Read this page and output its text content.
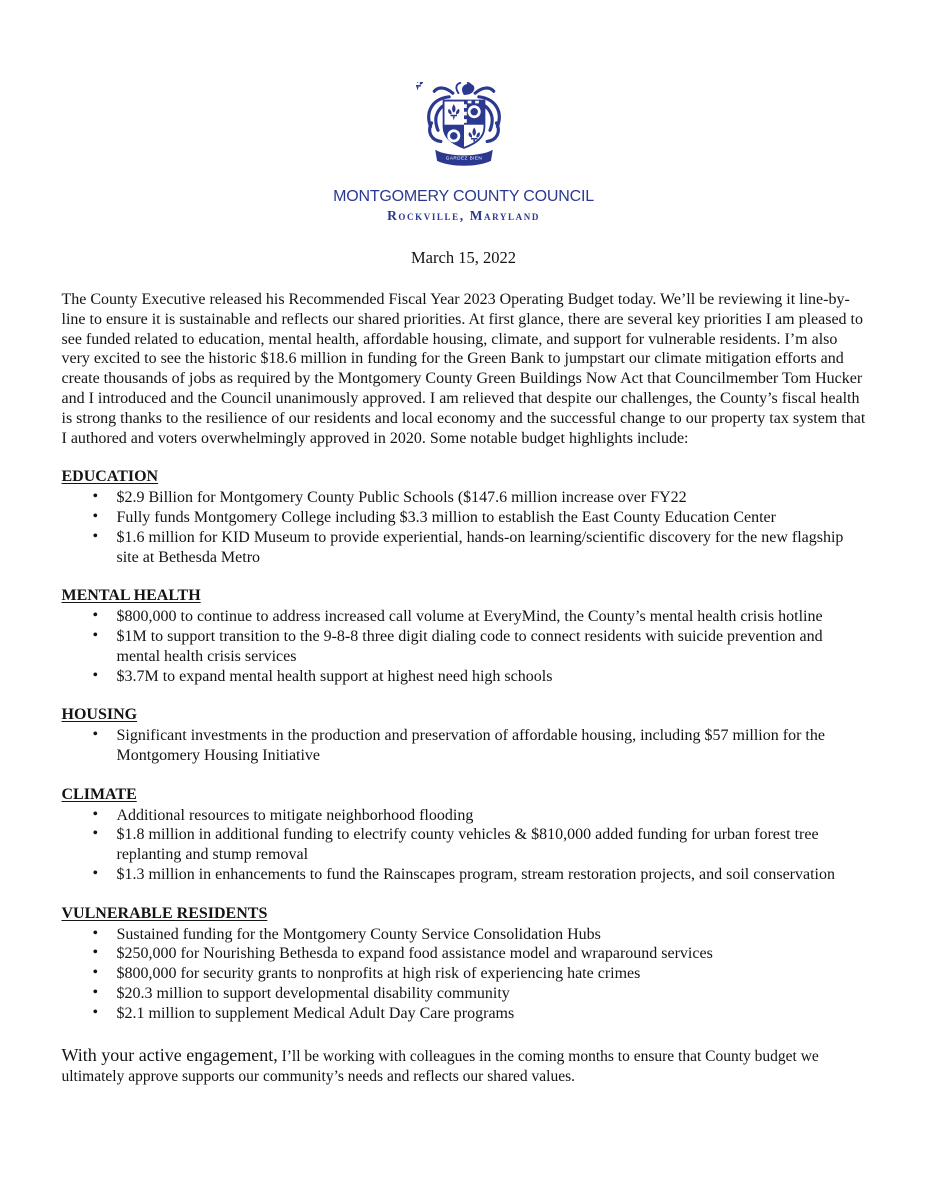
GARDEZ BIEN
MONTGOMERY COUNTY COUNCIL
Rockville, Maryland
March 15, 2022

The County Executive released his Recommended Fiscal Year 2023 Operating Budget today. We’ll be reviewing it line-by-line to ensure it is sustainable and reflects our shared priorities. At first glance, there are several key priorities I am pleased to see funded related to education, mental health, affordable housing, climate, and support for vulnerable residents. I’m also very excited to see the historic $18.6 million in funding for the Green Bank to jumpstart our climate mitigation efforts and create thousands of jobs as required by the Montgomery County Green Buildings Now Act that Councilmember Tom Hucker and I introduced and the Council unanimously approved. I am relieved that despite our challenges, the County’s fiscal health is strong thanks to the resilience of our residents and local economy and the successful change to our property tax system that I authored and voters overwhelmingly approved in 2020. Some notable budget highlights include:

EDUCATION
• $2.9 Billion for Montgomery County Public Schools ($147.6 million increase over FY22
• Fully funds Montgomery College including $3.3 million to establish the East County Education Center
• $1.6 million for KID Museum to provide experiential, hands-on learning/scientific discovery for the new flagship site at Bethesda Metro
MENTAL HEALTH
• $800,000 to continue to address increased call volume at EveryMind, the County’s mental health crisis hotline
• $1M to support transition to the 9-8-8 three digit dialing code to connect residents with suicide prevention and mental health crisis services
• $3.7M to expand mental health support at highest need high schools
HOUSING
• Significant investments in the production and preservation of affordable housing, including $57 million for the Montgomery Housing Initiative
CLIMATE
• Additional resources to mitigate neighborhood flooding
• $1.8 million in additional funding to electrify county vehicles & $810,000 added funding for urban forest tree replanting and stump removal
• $1.3 million in enhancements to fund the Rainscapes program, stream restoration projects, and soil conservation
VULNERABLE RESIDENTS
• Sustained funding for the Montgomery County Service Consolidation Hubs
• $250,000 for Nourishing Bethesda to expand food assistance model and wraparound services
• $800,000 for security grants to nonprofits at high risk of experiencing hate crimes
• $20.3 million to support developmental disability community
• $2.1 million to supplement Medical Adult Day Care programs

With your active engagement, I’ll be working with colleagues in the coming months to ensure that County budget we ultimately approve supports our community’s needs and reflects our shared values.
